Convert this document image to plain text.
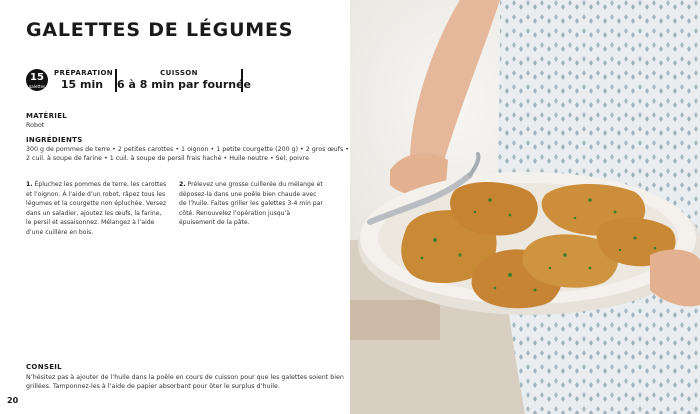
GALETTES DE LÉGUMES
15
galettes
PRÉPARATION
15 min
CUISSON
6 à 8 min par fournée
MATÉRIEL
Robot
INGRÉDIENTS
300 g de pommes de terre • 2 petites carottes • 1 oignon • 1 petite courgette (200 g) • 2 gros œufs •
2 cuil. à soupe de farine • 1 cuil. à soupe de persil frais haché • Huile neutre • Sel, poivre
1. Épluchez les pommes de terre, les carottes et l’oignon. À l’aide d’un robot, râpez tous les légumes et la courgette non épluchée. Versez dans un saladier, ajoutez les œufs, la farine, le persil et assaisonnez. Mélangez à l’aide d’une cuillère en bois.
2. Prélevez une grosse cuillerée du mélange et déposez-la dans une poêle bien chaude avec de l’huile. Faites griller les galettes 3-4 min par côté. Renouvelez l’opération jusqu’à épuisement de la pâte.
CONSEIL
N’hésitez pas à ajouter de l’huile dans la poêle en cours de cuisson pour que les galettes soient bien
grillées. Tamponnez-les à l’aide de papier absorbant pour ôter le surplus d’huile.
20
